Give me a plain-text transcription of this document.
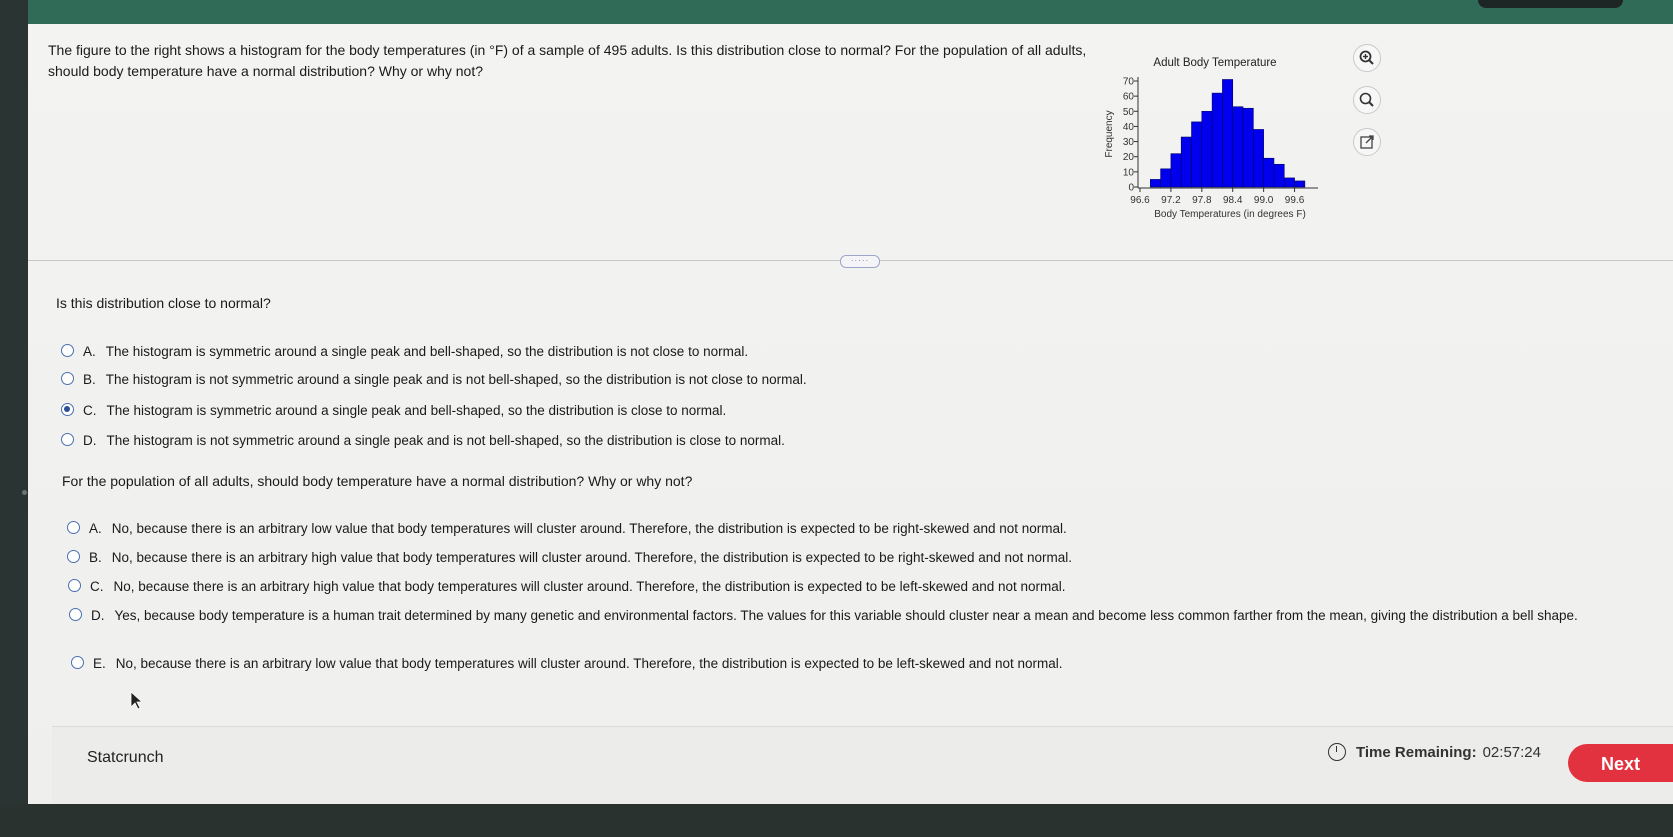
The figure to the right shows a histogram for the body temperatures (in °F) of a sample of 495 adults. Is this distribution close to normal? For the population of all adults, should body temperature have a normal distribution? Why or why not?	Adult Body Temperature
0
10
20
30
40
50
60
70
96.6 97.2 97.8 98.4 99.0 99.6
Body Temperatures (in degrees F)
Frequency
·····
Is this distribution close to normal?
A. The histogram is symmetric around a single peak and bell-shaped, so the distribution is not close to normal.
B. The histogram is not symmetric around a single peak and is not bell-shaped, so the distribution is not close to normal.
C. The histogram is symmetric around a single peak and bell-shaped, so the distribution is close to normal.
D. The histogram is not symmetric around a single peak and is not bell-shaped, so the distribution is close to normal.
For the population of all adults, should body temperature have a normal distribution? Why or why not?
A. No, because there is an arbitrary low value that body temperatures will cluster around. Therefore, the distribution is expected to be right-skewed and not normal.
B. No, because there is an arbitrary high value that body temperatures will cluster around. Therefore, the distribution is expected to be right-skewed and not normal.
C. No, because there is an arbitrary high value that body temperatures will cluster around. Therefore, the distribution is expected to be left-skewed and not normal.
D. Yes, because body temperature is a human trait determined by many genetic and environmental factors. The values for this variable should cluster near a mean and become less common farther from the mean, giving the distribution a bell shape.
E. No, because there is an arbitrary low value that body temperatures will cluster around. Therefore, the distribution is expected to be left-skewed and not normal.
Statcrunch	Time Remaining: 02:57:24
Next
